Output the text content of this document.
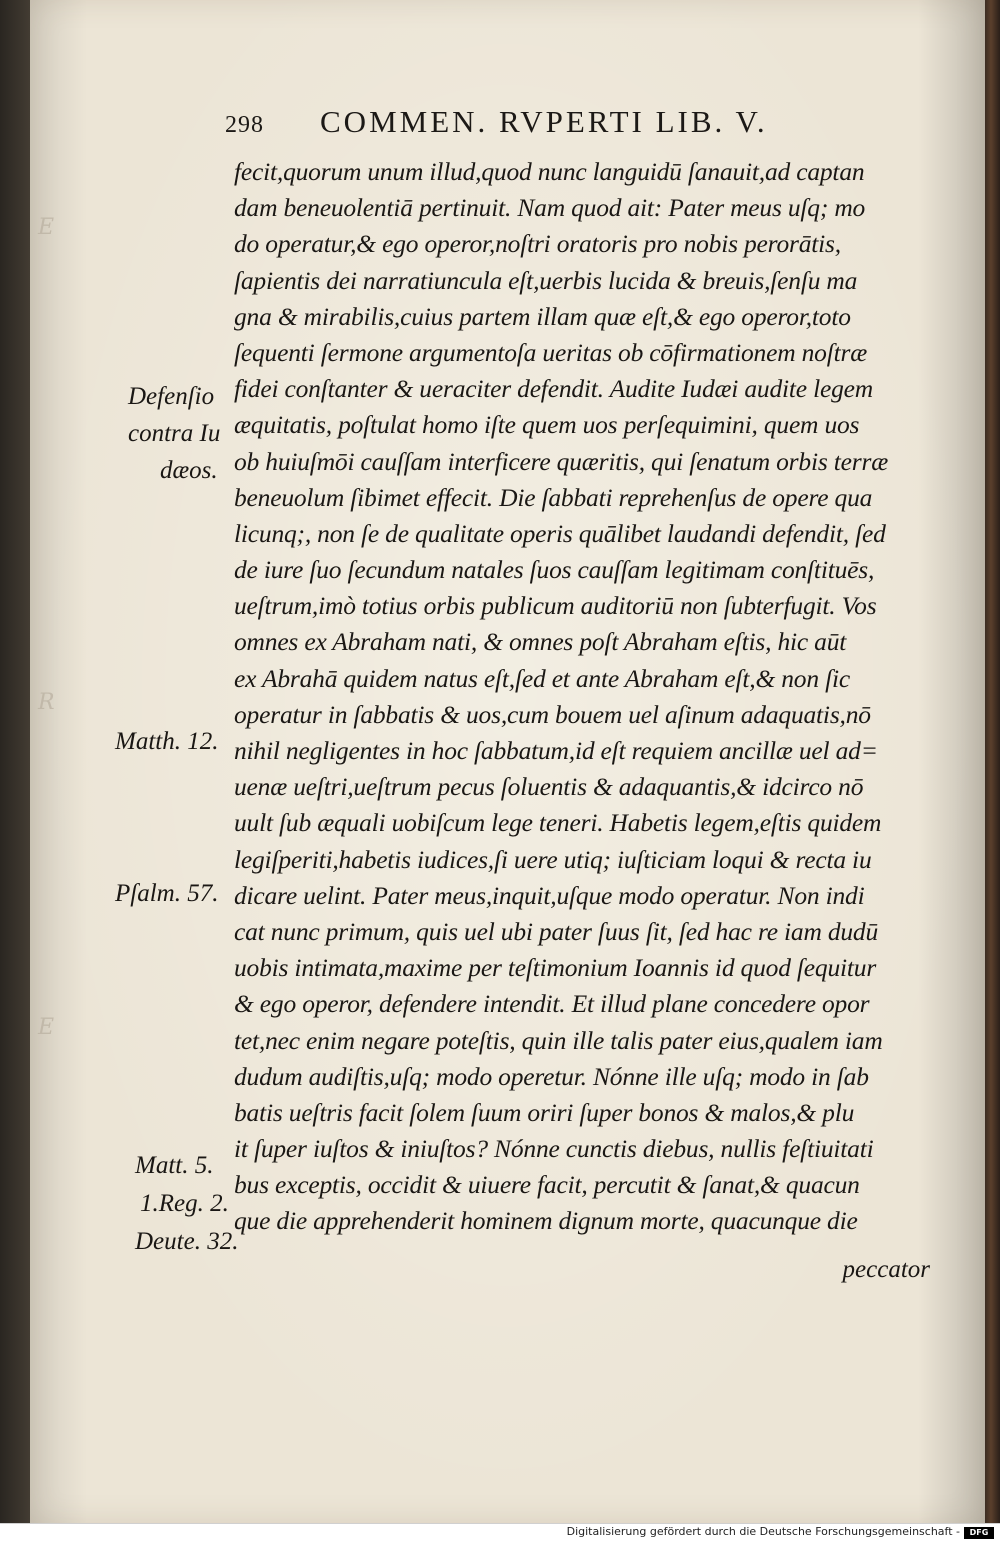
E
R
E
298 COMMEN. RVPERTI LIB. V.
fecit,quorum unum illud,quod nunc languidū ſanauit,ad captan
dam beneuolentiā pertinuit. Nam quod ait: Pater meus uſq; mo
do operatur,& ego operor,noſtri oratoris pro nobis perorātis,
ſapientis dei narratiuncula eſt,uerbis lucida & breuis,ſenſu ma
gna & mirabilis,cuius partem illam quæ eſt,& ego operor,toto
ſequenti ſermone argumentoſa ueritas ob cōfirmationem noſtræ
fidei conſtanter & ueraciter defendit. Audite Iudæi audite legem
æquitatis, poſtulat homo iſte quem uos perſequimini, quem uos
ob huiuſmōi cauſſam interficere quæritis, qui ſenatum orbis terræ
beneuolum ſibimet effecit. Die ſabbati reprehenſus de opere qua
licunq;, non ſe de qualitate operis quālibet laudandi defendit, ſed
de iure ſuo ſecundum natales ſuos cauſſam legitimam conſtituēs,
ueſtrum,imò totius orbis publicum auditoriū non ſubterfugit. Vos
omnes ex Abraham nati, & omnes poſt Abraham eſtis, hic aūt
ex Abrahā quidem natus eſt,ſed et ante Abraham eſt,& non ſic
operatur in ſabbatis & uos,cum bouem uel aſinum adaquatis,nō
nihil negligentes in hoc ſabbatum,id eſt requiem ancillæ uel ad=
uenæ ueſtri,ueſtrum pecus ſoluentis & adaquantis,& idcirco nō
uult ſub æquali uobiſcum lege teneri. Habetis legem,eſtis quidem
legiſperiti,habetis iudices,ſi uere utiq; iuſticiam loqui & recta iu
dicare uelint. Pater meus,inquit,uſque modo operatur. Non indi
cat nunc primum, quis uel ubi pater ſuus ſit, ſed hac re iam dudū
uobis intimata,maxime per teſtimonium Ioannis id quod ſequitur
& ego operor, defendere intendit. Et illud plane concedere opor
tet,nec enim negare poteſtis, quin ille talis pater eius,qualem iam
dudum audiſtis,uſq; modo operetur. Nónne ille uſq; modo in ſab
batis ueſtris facit ſolem ſuum oriri ſuper bonos & malos,& plu
it ſuper iuſtos & iniuſtos? Nónne cunctis diebus, nullis feſtiuitati
bus exceptis, occidit & uiuere facit, percutit & ſanat,& quacun
que die apprehenderit hominem dignum morte, quacunque die
peccator
Defenſio
contra Iu
dæos.
Matth. 12.
Pſalm. 57.
Matt. 5.
1.Reg. 2.
Deute. 32.
Digitalisierung gefördert durch die Deutsche Forschungsgemeinschaft -	DFG
